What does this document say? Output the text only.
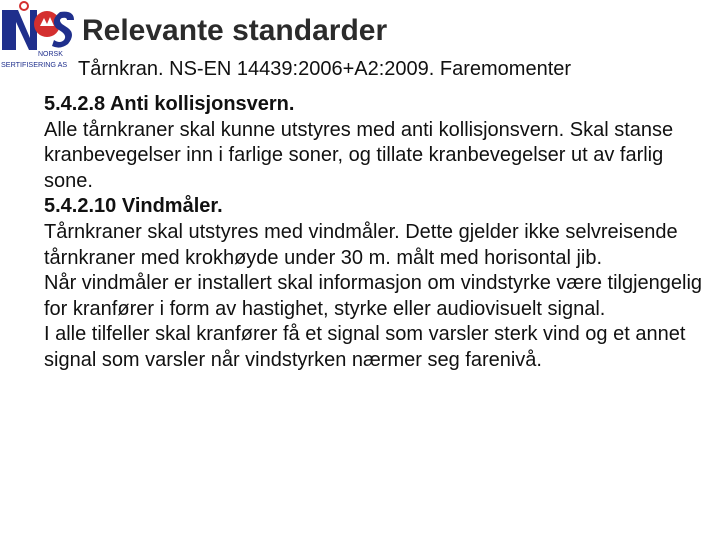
NORSK
SERTIFISERING AS
Relevante standarder
Tårnkran. NS-EN 14439:2006+A2:2009. Faremomenter

5.4.2.8 Anti kollisjonsvern.

Alle tårnkraner skal kunne utstyres med anti kollisjonsvern. Skal stanse kranbevegelser inn i farlige soner, og tillate kranbevegelser ut av farlig sone.

5.4.2.10 Vindmåler.

Tårnkraner skal utstyres med vindmåler. Dette gjelder ikke selvreisende tårnkraner med krokhøyde under 30 m. målt med horisontal jib.

Når vindmåler er installert skal informasjon om vindstyrke være tilgjengelig for kranfører i form av hastighet, styrke eller audiovisuelt signal.

I alle tilfeller skal kranfører få et signal som varsler sterk vind og et annet signal som varsler når vindstyrken nærmer seg farenivå.
